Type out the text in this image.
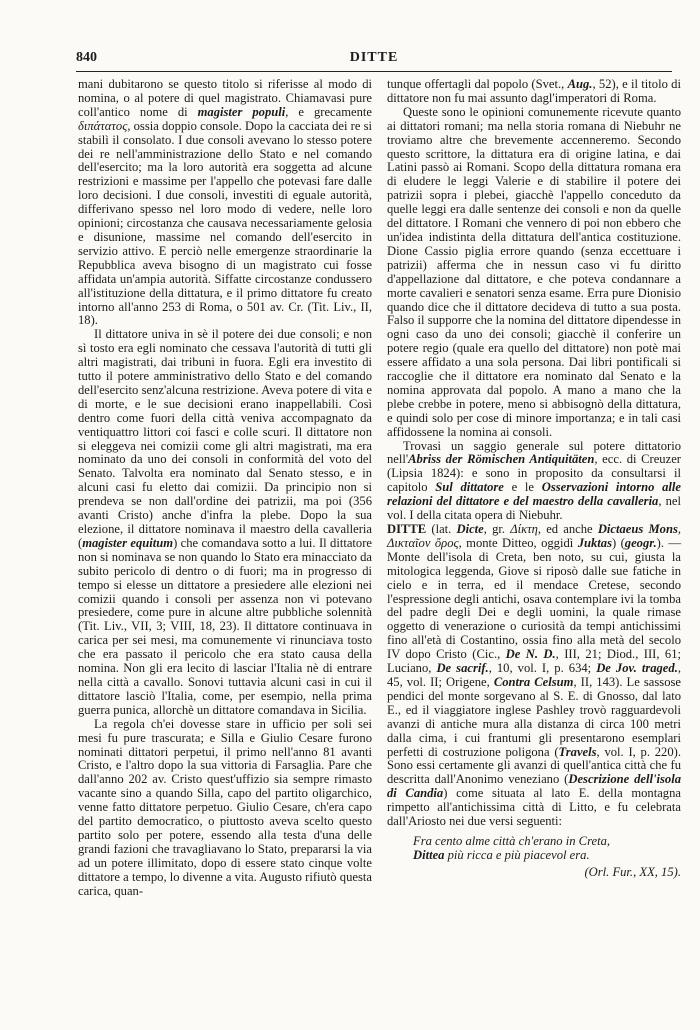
840	DITTE

mani dubitarono se questo titolo si riferisse al modo di nomina, o al potere di quel magistrato. Chiamavasi pure coll'antico nome di magister populi, e grecamente διπάτατος, ossia doppio console. Dopo la cacciata dei re si stabilì il consolato. I due consoli avevano lo stesso potere dei re nell'amministrazione dello Stato e nel comando dell'esercito; ma la loro autorità era soggetta ad alcune restrizioni e massime per l'appello che potevasi fare dalle loro decisioni. I due consoli, investiti di eguale autorità, differivano spesso nel loro modo di vedere, nelle loro opinioni; circostanza che causava necessariamente gelosia e disunione, massime nel comando dell'esercito in servizio attivo. E perciò nelle emergenze straordinarie la Repubblica aveva bisogno di un magistrato cui fosse affidata un'ampia autorità. Siffatte circostanze condussero all'istituzione della dittatura, e il primo dittatore fu creato intorno all'anno 253 di Roma, o 501 av. Cr. (Tit. Liv., II, 18).

Il dittatore univa in sè il potere dei due consoli; e non sì tosto era egli nominato che cessava l'autorità di tutti gli altri magistrati, dai tribuni in fuora. Egli era investito di tutto il potere amministrativo dello Stato e del comando dell'esercito senz'alcuna restrizione. Aveva potere di vita e di morte, e le sue decisioni erano inappellabili. Così dentro come fuori della città veniva accompagnato da ventiquattro littori coi fasci e colle scuri. Il dittatore non si eleggeva nei comizii come gli altri magistrati, ma era nominato da uno dei consoli in conformità del voto del Senato. Talvolta era nominato dal Senato stesso, e in alcuni casi fu eletto dai comizii. Da principio non si prendeva se non dall'ordine dei patrizii, ma poi (356 avanti Cristo) anche d'infra la plebe. Dopo la sua elezione, il dittatore nominava il maestro della cavalleria (magister equitum) che comandava sotto a lui. Il dittatore non si nominava se non quando lo Stato era minacciato da subito pericolo di dentro o di fuori; ma in progresso di tempo si elesse un dittatore a presiedere alle elezioni nei comizii quando i consoli per assenza non vi potevano presiedere, come pure in alcune altre pubbliche solennità (Tit. Liv., VII, 3; VIII, 18, 23). Il dittatore continuava in carica per sei mesi, ma comunemente vi rinunciava tosto che era passato il pericolo che era stato causa della nomina. Non gli era lecito di lasciar l'Italia nè di entrare nella città a cavallo. Sonovi tuttavia alcuni casi in cui il dittatore lasciò l'Italia, come, per esempio, nella prima guerra punica, allorchè un dittatore comandava in Sicilia.

La regola ch'ei dovesse stare in ufficio per soli sei mesi fu pure trascurata; e Silla e Giulio Cesare furono nominati dittatori perpetui, il primo nell'anno 81 avanti Cristo, e l'altro dopo la sua vittoria di Farsaglia. Pare che dall'anno 202 av. Cristo quest'uffizio sia sempre rimasto vacante sino a quando Silla, capo del partito oligarchico, venne fatto dittatore perpetuo. Giulio Cesare, ch'era capo del partito democratico, o piuttosto aveva scelto questo partito solo per potere, essendo alla testa d'una delle grandi fazioni che travagliavano lo Stato, prepararsi la via ad un potere illimitato, dopo di essere stato cinque volte dittatore a tempo, lo divenne a vita. Augusto rifiutò questa carica, quan-

tunque offertagli dal popolo (Svet., Aug., 52), e il titolo di dittatore non fu mai assunto dagl'imperatori di Roma.

Queste sono le opinioni comunemente ricevute quanto ai dittatori romani; ma nella storia romana di Niebuhr ne troviamo altre che brevemente accenneremo. Secondo questo scrittore, la dittatura era di origine latina, e dai Latini passò ai Romani. Scopo della dittatura romana era di eludere le leggi Valerie e di stabilire il potere dei patrizii sopra i plebei, giacchè l'appello conceduto da quelle leggi era dalle sentenze dei consoli e non da quelle del dittatore. I Romani che vennero di poi non ebbero che un'idea indistinta della dittatura dell'antica costituzione. Dione Cassio piglia errore quando (senza eccettuare i patrizii) afferma che in nessun caso vi fu diritto d'appellazione dal dittatore, e che poteva condannare a morte cavalieri e senatori senza esame. Erra pure Dionisio quando dice che il dittatore decideva di tutto a sua posta. Falso il supporre che la nomina del dittatore dipendesse in ogni caso da uno dei consoli; giacchè il conferire un potere regio (quale era quello del dittatore) non potè mai essere affidato a una sola persona. Dai libri pontificali si raccoglie che il dittatore era nominato dal Senato e la nomina approvata dal popolo. A mano a mano che la plebe crebbe in potere, meno si abbisognò della dittatura, e quindi solo per cose di minore importanza; e in tali casi affidossene la nomina ai consoli.

Trovasi un saggio generale sul potere dittatorio nell'Abriss der Römischen Antiquitäten, ecc. di Creuzer (Lipsia 1824): e sono in proposito da consultarsi il capitolo Sul dittatore e le Osservazioni intorno alle relazioni del dittatore e del maestro della cavalleria, nel vol. I della citata opera di Niebuhr.

DITTE (lat. Dicte, gr. Δίκτη, ed anche Dictaeus Mons, Δικταῖον ὄρος, monte Ditteo, oggidì Juktas) (geogr.). — Monte dell'isola di Creta, ben noto, su cui, giusta la mitologica leggenda, Giove si riposò dalle sue fatiche in cielo e in terra, ed il mendace Cretese, secondo l'espressione degli antichi, osava contemplare ivi la tomba del padre degli Dei e degli uomini, la quale rimase oggetto di venerazione o curiosità da tempi antichissimi fino all'età di Costantino, ossia fino alla metà del secolo IV dopo Cristo (Cic., De N. D., III, 21; Diod., III, 61; Luciano, De sacrif., 10, vol. I, p. 634; De Jov. traged., 45, vol. II; Origene, Contra Celsum, II, 143). Le sassose pendici del monte sorgevano al S. E. di Gnosso, dal lato E., ed il viaggiatore inglese Pashley trovò ragguardevoli avanzi di antiche mura alla distanza di circa 100 metri dalla cima, i cui frantumi gli presentarono esemplari perfetti di costruzione poligona (Travels, vol. I, p. 220). Sono essi certamente gli avanzi di quell'antica città che fu descritta dall'Anonimo veneziano (Descrizione dell'isola di Candia) come situata al lato E. della montagna rimpetto all'antichissima città di Litto, e fu celebrata dall'Ariosto nei due versi seguenti:

Fra cento alme città ch'erano in Creta,
Dittea più ricca e più piacevol era.
(Orl. Fur., XX, 15).
